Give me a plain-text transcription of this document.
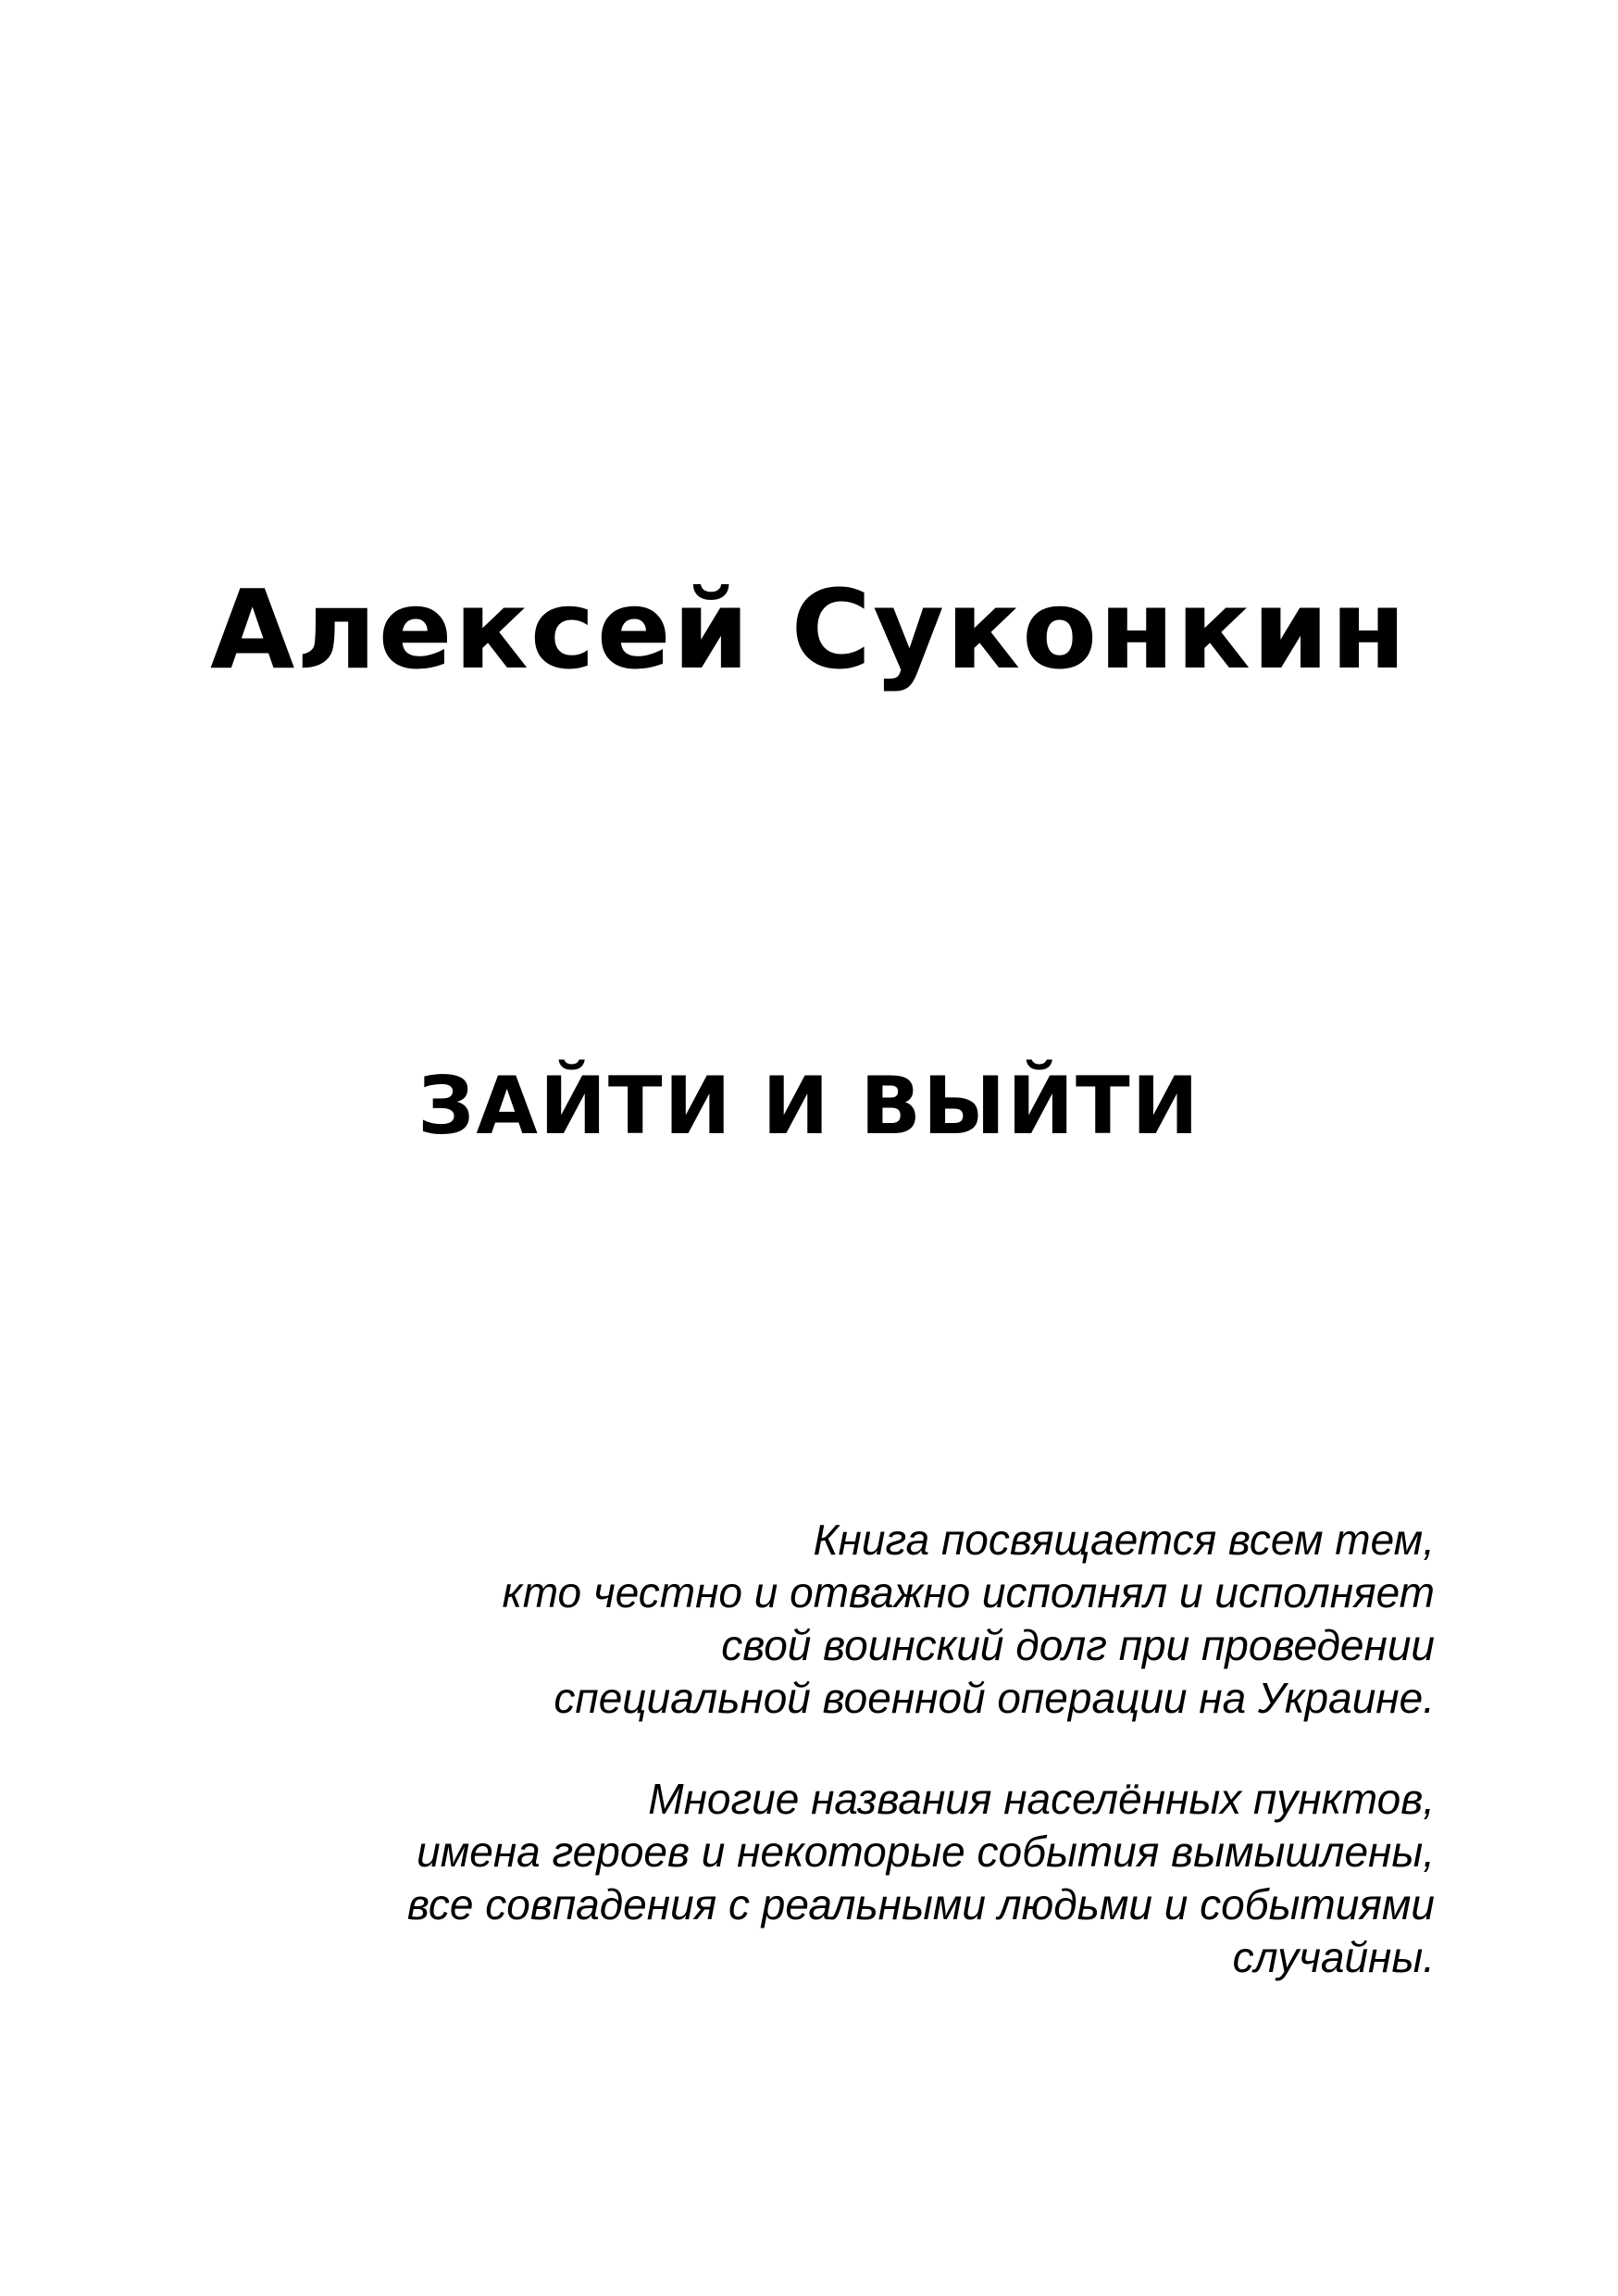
Алексей Суконкин
ЗАЙТИ И ВЫЙТИ
Книга посвящается всем тем,
кто честно и отважно исполнял и исполняет
свой воинский долг при проведении
специальной военной операции на Украине.
Многие названия населённых пунктов,
имена героев и некоторые события вымышлены,
все совпадения с реальными людьми и событиями
случайны.
